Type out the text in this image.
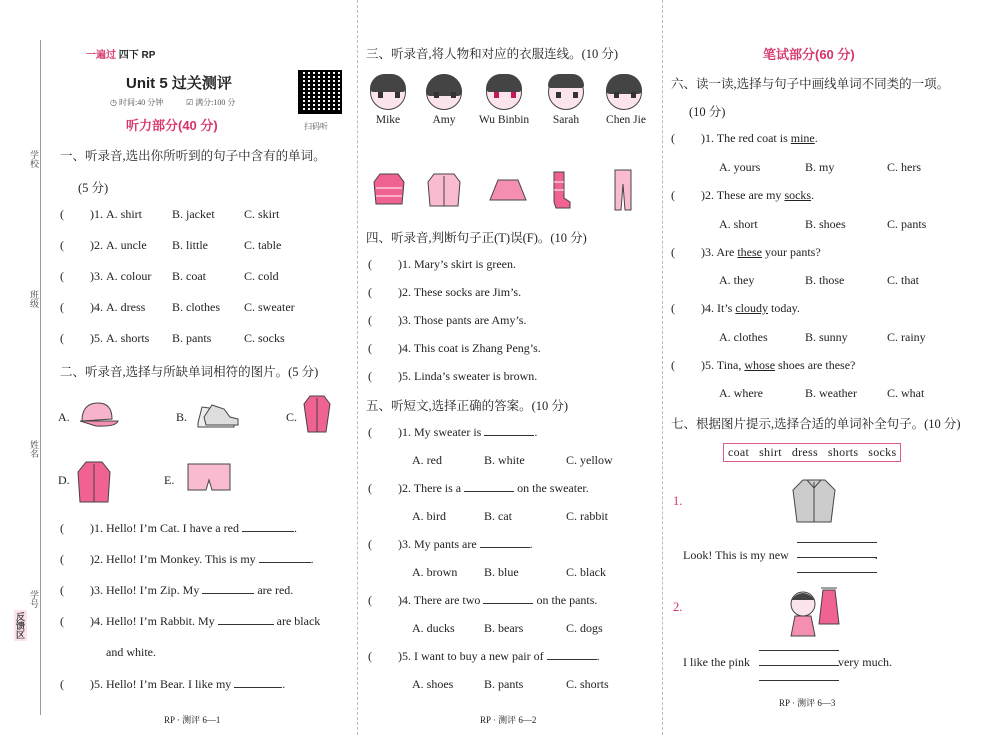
学校
班级
姓名
学号
反馈区
一遍过 四下 RP
Unit 5 过关测评
◷ 时间:40 分钟	☑ 满分:100 分
扫码听
听力部分(40 分)
一、听录音,选出你所听到的句子中含有的单词。
(5 分)
( )1. A. shirt	B. jacket C. skirt
( )2. A. uncle B. little	C. table
( )3. A. colour B. coat	C. cold
( )4. A. dress B. clothes C. sweater
( )5. A. shorts B. pants	C. socks
二、听录音,选择与所缺单词相符的图片。(5 分)
A.	B.	C.
D.	E.
( )1. Hello! I’m Cat. I have a red	.
( )2. Hello! I’m Monkey. This is my	.
( )3. Hello! I’m Zip. My	are red.
( )4. Hello! I’m Rabbit. My	are black
and white.
( )5. Hello! I’m Bear. I like my	.
RP · 测评 6—1
三、听录音,将人物和对应的衣服连线。(10 分)
Mike	Amy	Wu Binbin	Sarah	Chen Jie
四、听录音,判断句子正(T)误(F)。(10 分)
( )1. Mary’s skirt is green.
( )2. These socks are Jim’s.
( )3. Those pants are Amy’s.
( )4. This coat is Zhang Peng’s.
( )5. Linda’s sweater is brown.
五、听短文,选择正确的答案。(10 分)
( )1. My sweater is	.
A. red	B. white	C. yellow
( )2. There is a	on the sweater.
A. bird	B. cat	C. rabbit
( )3. My pants are	.
A. brown B. blue	C. black
( )4. There are two	on the pants.
A. ducks B. bears	C. dogs
( )5. I want to buy a new pair of	.
A. shoes	B. pants	C. shorts
RP · 测评 6—2
笔试部分(60 分)
六、读一读,选择与句子中画线单词不同类的一项。
(10 分)
( )1. The red coat is mine.
A. yours	B. my	C. hers
( )2. These are my socks.
A. short	B. shoes	C. pants
( )3. Are these your pants?
A. they	B. those	C. that
( )4. It’s cloudy today.
A. clothes	B. sunny	C. rainy
( )5. Tina, whose shoes are these?
A. where	B. weather	C. what
七、根据图片提示,选择合适的单词补全句子。(10 分)
coat   shirt   dress   shorts   socks
1.
Look! This is my new	.
2.
I like the pink	very much.
RP · 测评 6—3
